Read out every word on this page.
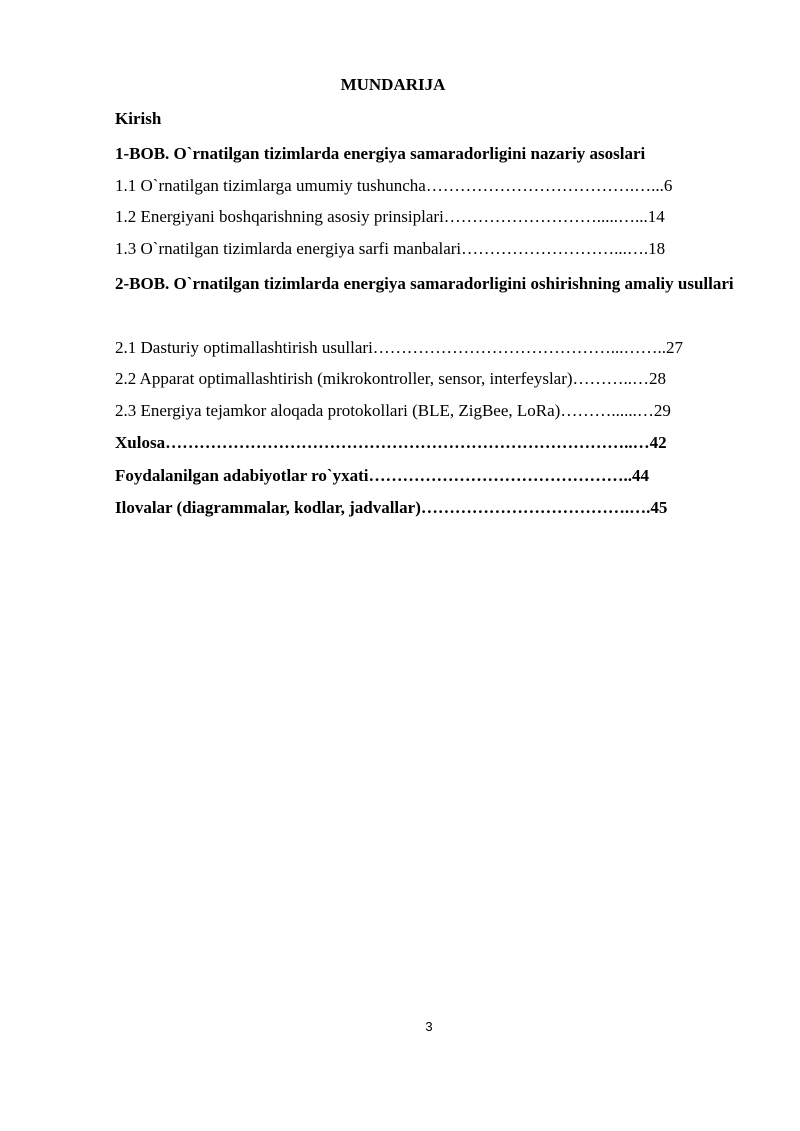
MUNDARIJA
Kirish
1-BOB. O`rnatilgan tizimlarda energiya samaradorligini nazariy asoslari
1.1 O`rnatilgan tizimlarga umumiy tushuncha……………………………….…...6
1.2 Energiyani boshqarishning asosiy prinsiplari……………………….....…...14
1.3 O`rnatilgan tizimlarda energiya sarfi manbalari………………………...….18
2-BOB. O`rnatilgan tizimlarda energiya samaradorligini oshirishning amaliy usullari
2.1 Dasturiy optimallashtirish usullari……………………………………...……..27
2.2 Apparat optimallashtirish (mikrokontroller, sensor, interfeyslar)………..…28
2.3 Energiya tejamkor aloqada protokollari (BLE, ZigBee, LoRa)………......…29
Xulosa………………………………………………………………………..…42
Foydalanilgan adabiyotlar ro`yxati………………………………………..44
Ilovalar (diagrammalar, kodlar, jadvallar)……………………………….….45
3
